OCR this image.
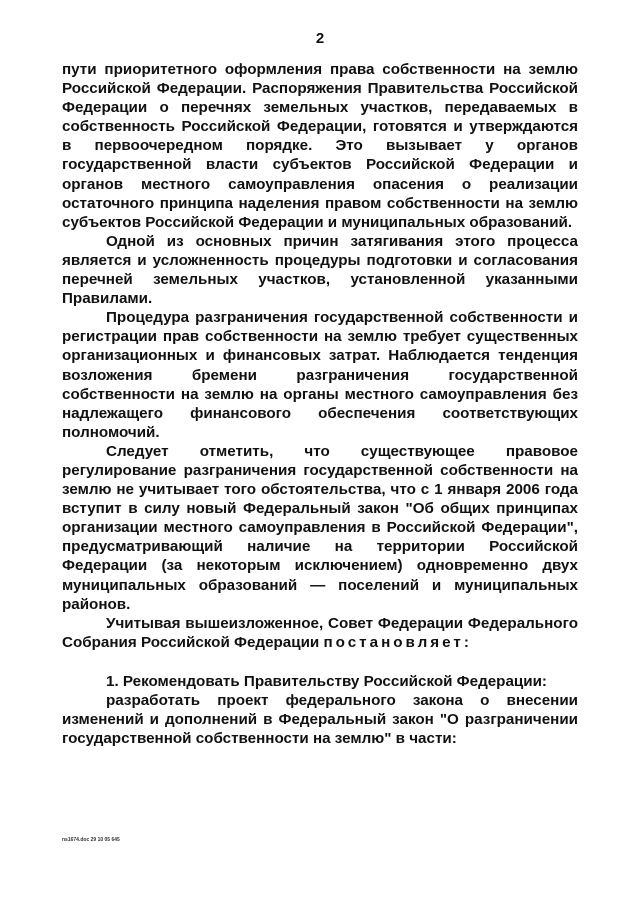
2

пути приоритетного оформления права собственности на землю Российской Федерации. Распоряжения Правительства Российской Федерации о перечнях земельных участков, передаваемых в собственность Российской Федерации, готовятся и утверждаются в первоочередном порядке. Это вызывает у органов государственной власти субъектов Российской Федерации и органов местного самоуправления опасения о реализации остаточного принципа наделения правом собственности на землю субъектов Российской Федерации и муниципальных образований.

Одной из основных причин затягивания этого процесса является и усложненность процедуры подготовки и согласования перечней земельных участков, установленной указанными Правилами.

Процедура разграничения государственной собственности и регистрации прав собственности на землю требует существенных организационных и финансовых затрат. Наблюдается тенденция возложения бремени разграничения государственной собственности на землю на органы местного самоуправления без надлежащего финансового обеспечения соответствующих полномочий.

Следует отметить, что существующее правовое регулирование разграничения государственной собственности на землю не учитывает того обстоятельства, что с 1 января 2006 года вступит в силу новый Федеральный закон "Об общих принципах организации местного самоуправления в Российской Федерации", предусматривающий наличие на территории Российской Федерации (за некоторым исключением) одновременно двух муниципальных образований — поселений и муниципальных районов.

Учитывая вышеизложенное, Совет Федерации Федерального Собрания Российской Федерации постановляет:

1. Рекомендовать Правительству Российской Федерации:

разработать проект федерального закона о внесении изменений и дополнений в Федеральный закон "О разграничении государственной собственности на землю" в части:

ns1674.doc 29 10 05 645
